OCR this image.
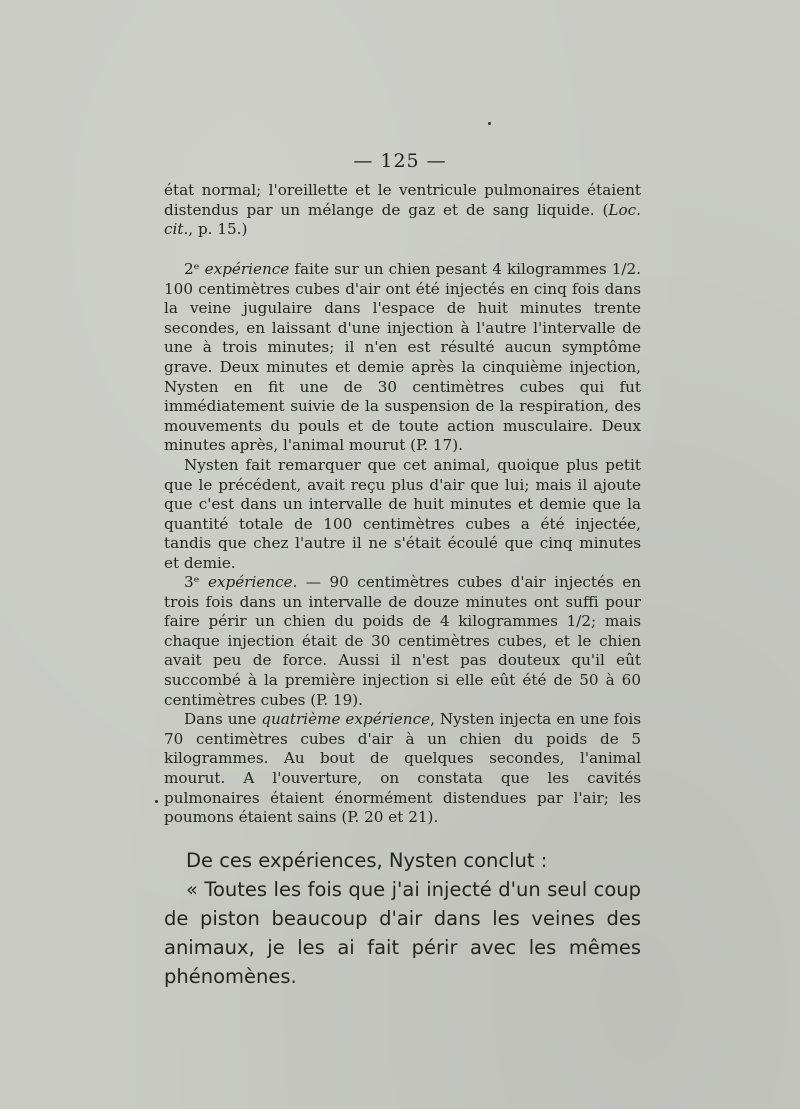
— 125 —

état normal; l'oreillette et le ventricule pulmonaires étaient distendus par un mélange de gaz et de sang liquide. (Loc. cit., p. 15.)

2ᵉ expérience faite sur un chien pesant 4 kilogrammes 1/2. 100 centimètres cubes d'air ont été injectés en cinq fois dans la veine jugulaire dans l'espace de huit minutes trente secondes, en laissant d'une injection à l'autre l'intervalle de une à trois minutes; il n'en est résulté aucun symptôme grave. Deux minutes et demie après la cinquième injection, Nysten en fit une de 30 centimètres cubes qui fut immédiatement suivie de la suspension de la respiration, des mouvements du pouls et de toute action musculaire. Deux minutes après, l'animal mourut (P. 17).

Nysten fait remarquer que cet animal, quoique plus petit que le précédent, avait reçu plus d'air que lui; mais il ajoute que c'est dans un intervalle de huit minutes et demie que la quantité totale de 100 centimètres cubes a été injectée, tandis que chez l'autre il ne s'était écoulé que cinq minutes et demie.

3ᵉ expérience. — 90 centimètres cubes d'air injectés en trois fois dans un intervalle de douze minutes ont suffi pour faire périr un chien du poids de 4 kilogrammes 1/2; mais chaque injection était de 30 centimètres cubes, et le chien avait peu de force. Aussi il n'est pas douteux qu'il eût succombé à la première injection si elle eût été de 50 à 60 centimètres cubes (P. 19).

Dans une quatrième expérience, Nysten injecta en une fois 70 centimètres cubes d'air à un chien du poids de 5 kilogrammes. Au bout de quelques secondes, l'animal mourut. A l'ouverture, on constata que les cavités pulmonaires étaient énormément distendues par l'air; les poumons étaient sains (P. 20 et 21).

De ces expériences, Nysten conclut :

« Toutes les fois que j'ai injecté d'un seul coup de piston beaucoup d'air dans les veines des animaux, je les ai fait périr avec les mêmes phénomènes.
